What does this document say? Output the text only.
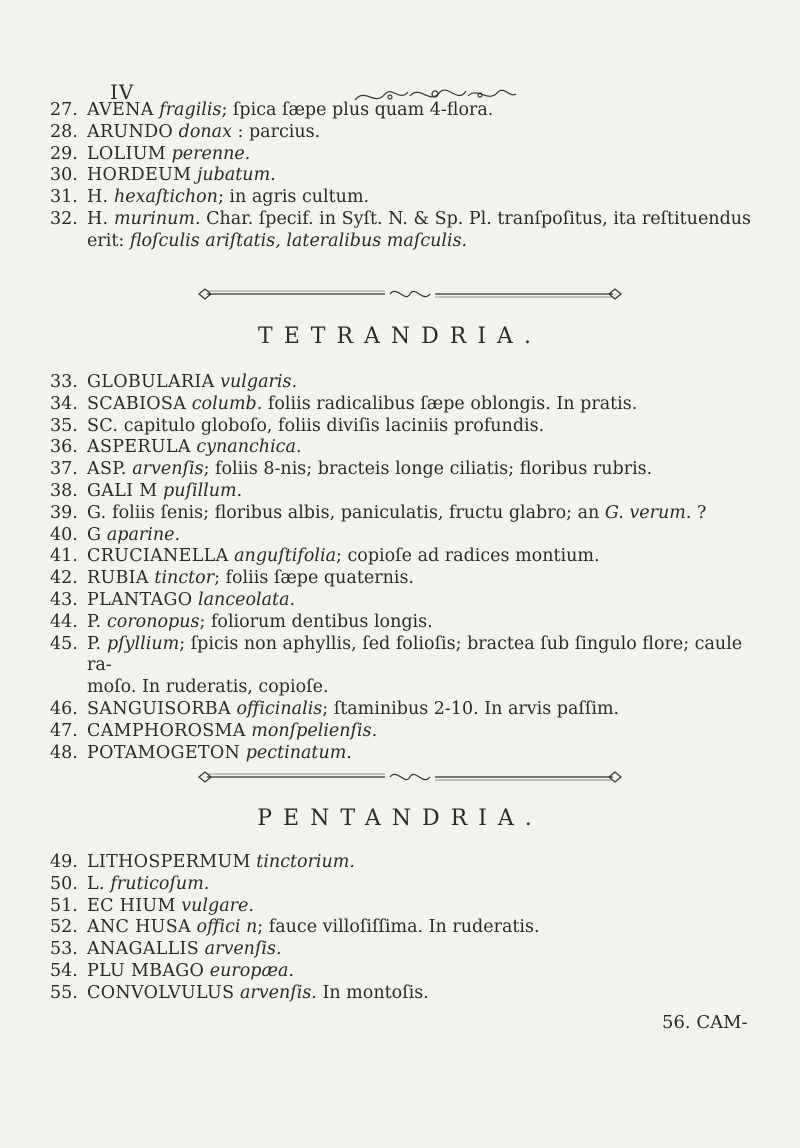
IV
27. AVENA fragilis; ſpica ſæpe plus quam 4-flora.
28. ARUNDO donax : parcius.
29. LOLIUM perenne.
30. HORDEUM jubatum.
31. H. hexaſtichon; in agris cultum.
32. H. murinum. Char. ſpecif. in Syſt. N. & Sp. Pl. tranſpoſitus, ita reſtituendus
erit: floſculis ariſtatis, lateralibus maſculis.
TETRANDRIA.
33. GLOBULARIA vulgaris.
34. SCABIOSA columb. foliis radicalibus ſæpe oblongis. In pratis.
35. SC. capitulo globoſo, foliis diviſis laciniis profundis.
36. ASPERULA cynanchica.
37. ASP. arvenſis; foliis 8-nis; bracteis longe ciliatis; floribus rubris.
38. GALI M puſillum.
39. G. foliis ſenis; floribus albis, paniculatis, fructu glabro; an G. verum. ?
40. G aparine.
41. CRUCIANELLA anguſtifolia; copioſe ad radices montium.
42. RUBIA tinctor; foliis ſæpe quaternis.
43. PLANTAGO lanceolata.
44. P. coronopus; foliorum dentibus longis.
45. P. pſyllium; ſpicis non aphyllis, ſed folioſis; bractea ſub ſingulo flore; caule ra-
moſo. In ruderatis, copioſe.
46. SANGUISORBA officinalis; ſtaminibus 2-10. In arvis paſſim.
47. CAMPHOROSMA monſpelienſis.
48. POTAMOGETON pectinatum.
PENTANDRIA.
49. LITHOSPERMUM tinctorium.
50. L. fruticoſum.
51. EC HIUM vulgare.
52. ANC HUSA offici n; fauce villoſiſſima. In ruderatis.
53. ANAGALLIS arvenſis.
54. PLU MBAGO europæa.
55. CONVOLVULUS arvenſis. In montoſis.
56. CAM-
